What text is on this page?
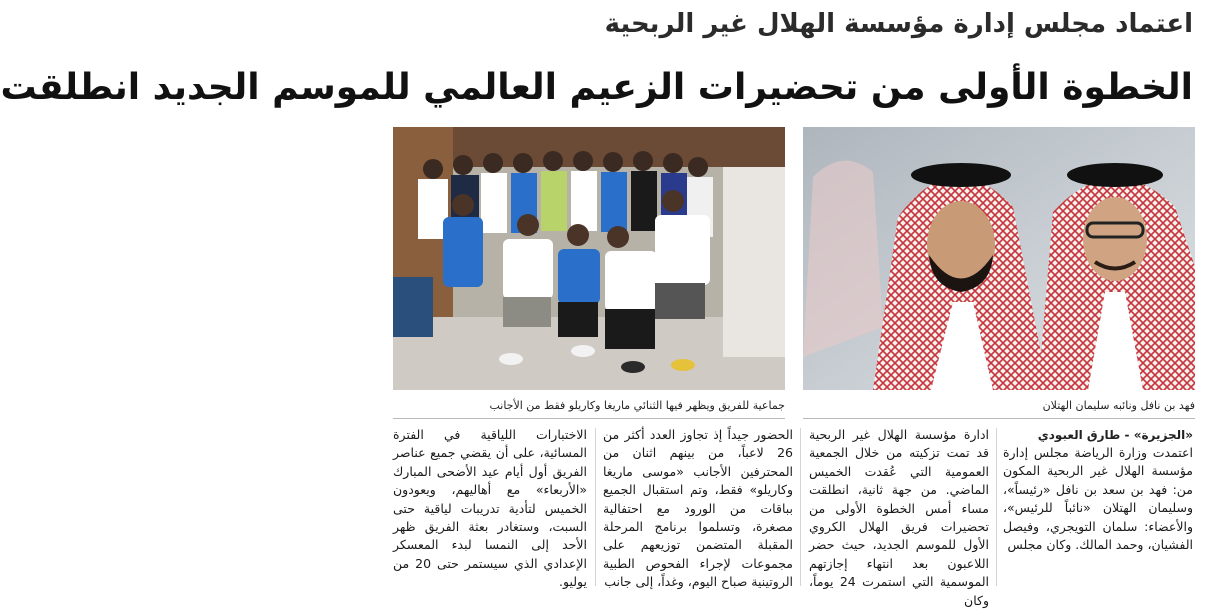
اعتماد مجلس إدارة مؤسسة الهلال غير الربحية
الخطوة الأولى من تحضيرات الزعيم العالمي للموسم الجديد انطلقت
فهد بن نافل ونائبه سليمان الهتلان
جماعية للفريق ويظهر فيها الثنائي ماريغا وكاريلو فقط من الأجانب
«الجزيرة» - طارق العبودي

اعتمدت وزارة الرياضة مجلس إدارة مؤسسة الهلال غير الربحية المكون من: فهد بن سعد بن نافل «رئيساً»، وسليمان الهتلان «نائباً للرئيس»، والأعضاء: سلمان التويجري، وفيصل الفشيان، وحمد المالك. وكان مجلس

ادارة مؤسسة الهلال غير الربحية قد تمت تزكيته من خلال الجمعية العمومية التي عُقدت الخميس الماضي. من جهة ثانية، انطلقت مساء أمس الخطوة الأولى من تحضيرات فريق الهلال الكروي الأول للموسم الجديد، حيث حضر اللاعبون بعد انتهاء إجازتهم الموسمية التي استمرت 24 يوماً، وكان

الحضور جيداً إذ تجاوز العدد أكثر من 26 لاعباً، من بينهم اثنان من المحترفين الأجانب «موسى ماريغا وكاريلو» فقط، وتم استقبال الجميع بباقات من الورود مع احتفالية مصغرة، وتسلموا برنامج المرحلة المقبلة المتضمن توزيعهم على مجموعات لإجراء الفحوص الطبية الروتينية صباح اليوم، وغداً، إلى جانب

الاختبارات اللياقية في الفترة المسائية، على أن يقضي جميع عناصر الفريق أول أيام عيد الأضحى المبارك «الأربعاء» مع أهاليهم، ويعودون الخميس لتأدية تدريبات لياقية حتى السبت، وستغادر بعثة الفريق ظهر الأحد إلى النمسا لبدء المعسكر الإعدادي الذي سيستمر حتى 20 من يوليو.
